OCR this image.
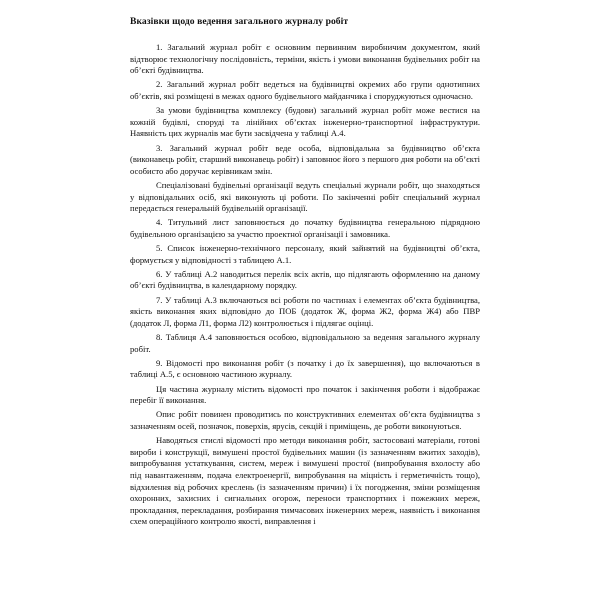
Вказівки щодо ведення загального журналу робіт

1. Загальний журнал робіт є основним первинним виробничим документом, який відтворює технологічну послідовність, терміни, якість і умови виконання будівельних робіт на об’єкті будівництва.

2. Загальний журнал робіт ведеться на будівництві окремих або групи однотипних об’єктів, які розміщені в межах одного будівельного майданчика і споруджуються одночасно.

За умови будівництва комплексу (будови) загальний журнал робіт може вестися на кожній будівлі, споруді та лінійних об’єктах інженерно-транспортної інфраструктури. Наявність цих журналів має бути засвідчена у таблиці А.4.

3. Загальний журнал робіт веде особа, відповідальна за будівництво об’єкта (виконавець робіт, старший виконавець робіт) і заповнює його з першого дня роботи на об’єкті особисто або доручає керівникам змін.

Спеціалізовані будівельні організації ведуть спеціальні журнали робіт, що знаходяться у відповідальних осіб, які виконують ці роботи. По закінченні робіт спеціальний журнал передається генеральній будівельній організації.

4. Титульний лист заповнюється до початку будівництва генеральною підрядною будівельною організацією за участю проектної організації і замовника.

5. Список інженерно-технічного персоналу, який зайнятий на будівництві об’єкта, формується у відповідності з таблицею А.1.

6. У таблиці А.2 наводиться перелік всіх актів, що підлягають оформленню на даному об’єкті будівництва, в календарному порядку.

7. У таблиці А.3 включаються всі роботи по частинах і елементах об’єкта будівництва, якість виконання яких відповідно до ПОБ (додаток Ж, форма Ж2, форма Ж4) або ПВР (додаток Л, форма Л1, форма Л2) контролюється і підлягає оцінці.

8. Таблиця А.4 заповнюється особою, відповідальною за ведення загального журналу робіт.

9. Відомості про виконання робіт (з початку і до їх завершення), що включаються в таблиці А.5, є основною частиною журналу.

Ця частина журналу містить відомості про початок і закінчення роботи і відображає перебіг її виконання.

Опис робіт повинен проводитись по конструктивних елементах об’єкта будівництва з зазначенням осей, позначок, поверхів, ярусів, секцій і приміщень, де роботи виконуються.

Наводяться стислі відомості про методи виконання робіт, застосовані матеріали, готові вироби і конструкції, вимушені простої будівельних машин (із зазначенням вжитих заходів), випробування устаткування, систем, мереж і вимушені простої (випробування вхолосту або під навантаженням, подача електроенергії, випробування на міцність і герметичність тощо), відхилення від робочих креслень (із зазначенням причин) і їх погодження, зміни розміщення охоронних, захисних і сигнальних огорож, переноси транспортних і пожежних мереж, прокладання, перекладання, розбирання тимчасових інженерних мереж, наявність і виконання схем операційного контролю якості, виправлення і
